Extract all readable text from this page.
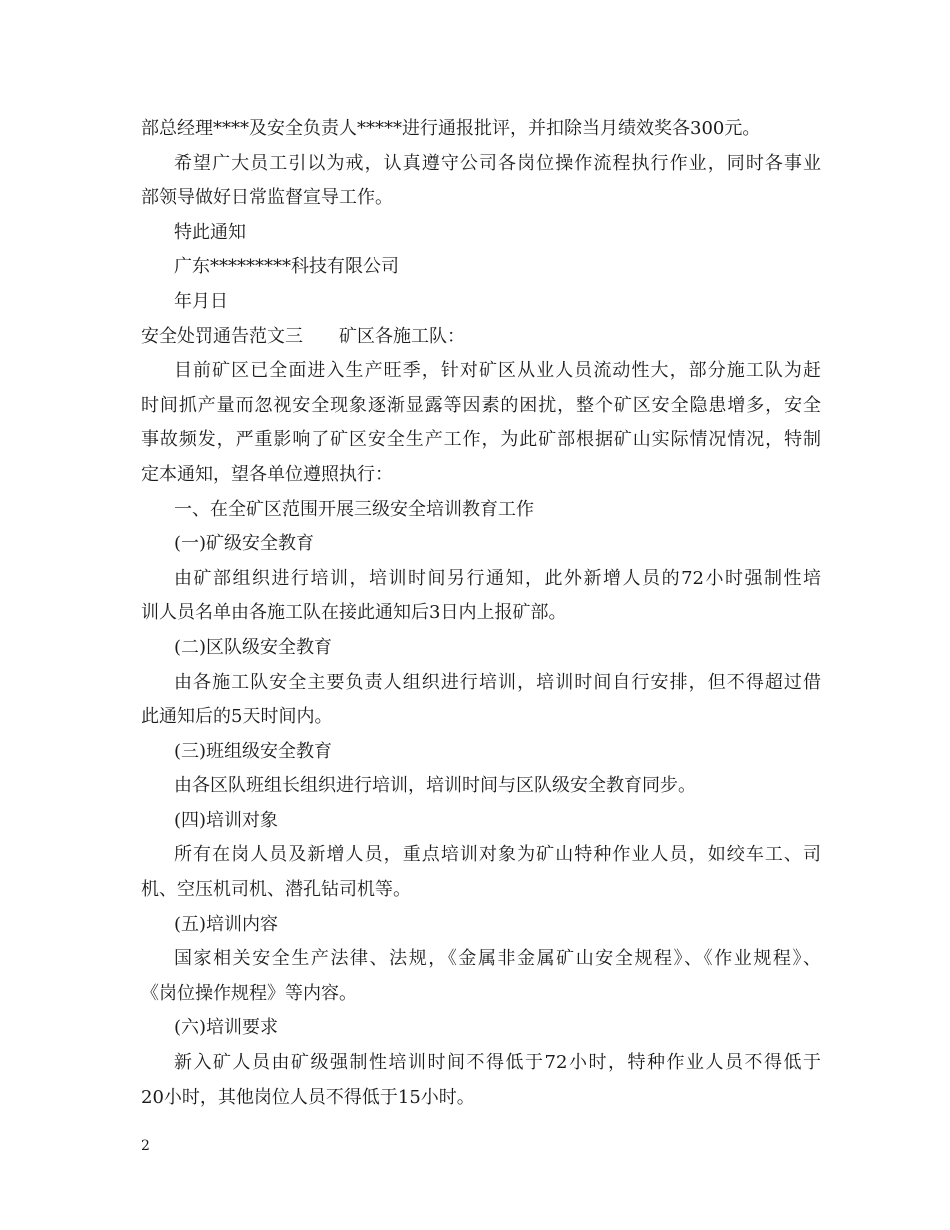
部总经理****及安全负责人*****进行通报批评，并扣除当月绩效奖各300元。
希望广大员工引以为戒，认真遵守公司各岗位操作流程执行作业，同时各事业
部领导做好日常监督宣导工作。
特此通知
广东*********科技有限公司
年月日
安全处罚通告范文三 矿区各施工队：
目前矿区已全面进入生产旺季，针对矿区从业人员流动性大，部分施工队为赶
时间抓产量而忽视安全现象逐渐显露等因素的困扰，整个矿区安全隐患增多，安全
事故频发，严重影响了矿区安全生产工作，为此矿部根据矿山实际情况情况，特制
定本通知，望各单位遵照执行：
一、在全矿区范围开展三级安全培训教育工作
(一)矿级安全教育
由矿部组织进行培训，培训时间另行通知，此外新增人员的72小时强制性培
训人员名单由各施工队在接此通知后3日内上报矿部。
(二)区队级安全教育
由各施工队安全主要负责人组织进行培训，培训时间自行安排，但不得超过借
此通知后的5天时间内。
(三)班组级安全教育
由各区队班组长组织进行培训，培训时间与区队级安全教育同步。
(四)培训对象
所有在岗人员及新增人员，重点培训对象为矿山特种作业人员，如绞车工、司
机、空压机司机、潜孔钻司机等。
(五)培训内容
国家相关安全生产法律、法规，《金属非金属矿山安全规程》、《作业规程》、
《岗位操作规程》等内容。
(六)培训要求
新入矿人员由矿级强制性培训时间不得低于72小时，特种作业人员不得低于
20小时，其他岗位人员不得低于15小时。
2
